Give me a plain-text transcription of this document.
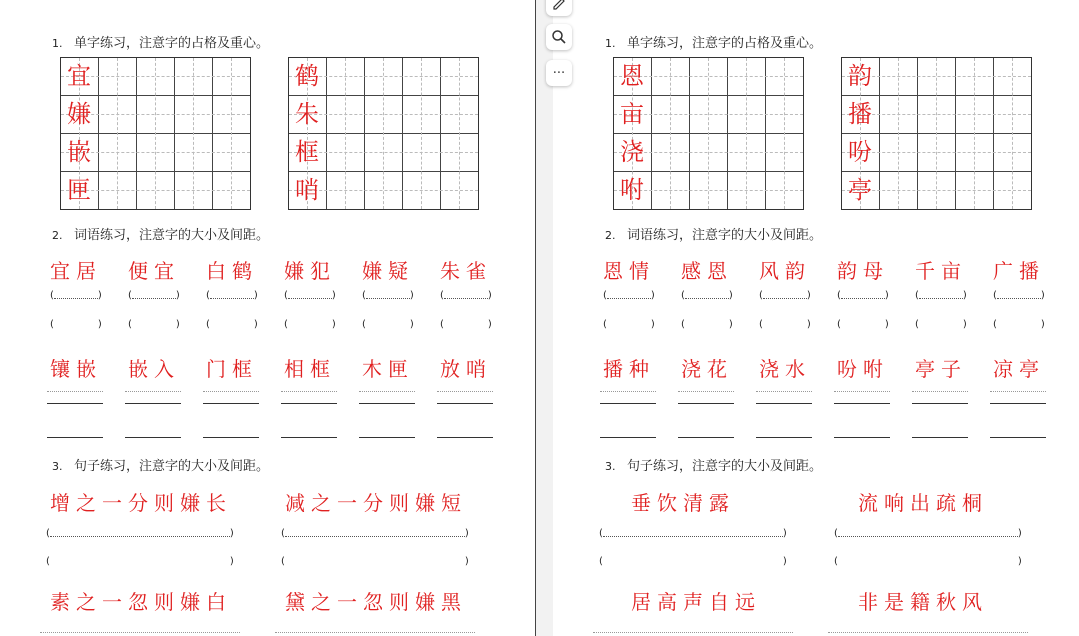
1. 单字练习，注意字的占格及重心。
宜
嫌
嵌
匣
鹤
朱
框
哨
2. 词语练习，注意字的大小及间距。
宜居
(	)
(	)
便宜
(	)
(	)
白鹤
(	)
(	)
嫌犯
(	)
(	)
嫌疑
(	)
(	)
朱雀
(	)
(	)
镶嵌 嵌入 门框 相框 木匣 放哨
3. 句子练习，注意字的大小及间距。
增之一分则嫌长
(	)
(	)
素之一忽则嫌白
减之一分则嫌短
(	)
(	)
黛之一忽则嫌黑
1. 单字练习，注意字的占格及重心。
恩
亩
浇
咐
韵
播
吩
亭
2. 词语练习，注意字的大小及间距。
恩情
(	)
(	)
感恩
(	)
(	)
风韵
(	)
(	)
韵母
(	)
(	)
千亩
(	)
(	)
广播
(	)
(	)
播种 浇花 浇水 吩咐 亭子 凉亭
3. 句子练习，注意字的大小及间距。
垂饮清露
(	)
(	)
居高声自远
流响出疏桐
(	)
(	)
非是籍秋风
···
